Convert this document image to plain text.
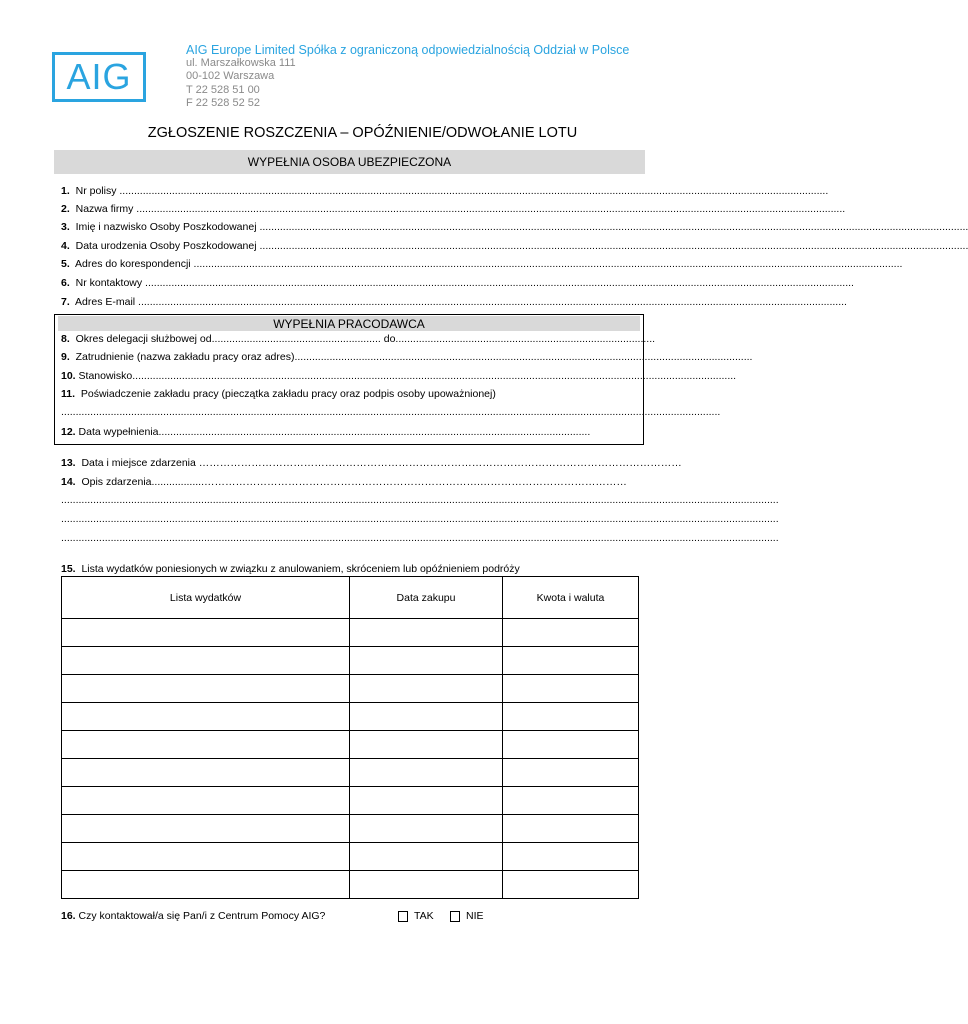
AIG
AIG Europe Limited Spółka z ograniczoną odpowiedzialnością Oddział w Polsce
ul. Marszałkowska 111
00-102 Warszawa
T 22 528 51 00
F 22 528 52 52
ZGŁOSZENIE ROSZCZENIA – OPÓŹNIENIE/ODWOŁANIE LOTU
WYPEŁNIA OSOBA UBEZPIECZONA
1. Nr polisy ...................................................................................................................................................................................................................................................
2. Nazwa firmy ...................................................................................................................................................................................................................................................
3. Imię i nazwisko Osoby Poszkodowanej ...................................................................................................................................................................................................................................................
4. Data urodzenia Osoby Poszkodowanej ...................................................................................................................................................................................................................................................
5. Adres do korespondencji ...................................................................................................................................................................................................................................................
6. Nr kontaktowy ...................................................................................................................................................................................................................................................
7. Adres E-mail ...................................................................................................................................................................................................................................................
WYPEŁNIA PRACODAWCA
8. Okres delegacji służbowej od.......................................................... do.........................................................................................
9. Zatrudnienie (nazwa zakładu pracy oraz adres).............................................................................................................................................................
10. Stanowisko...............................................................................................................................................................................................................
11. Poświadczenie zakładu pracy (pieczątka zakładu pracy oraz podpis osoby upoważnionej)
..................................................................................................................................................................................................................................
12. Data wypełnienia....................................................................................................................................................
13. Data i miejsce zdarzenia …………………………………………………………………………………………………………………………
14. Opis zdarzenia..................…………………………………………………………………….……………………………………
......................................................................................................................................................................................................................................................
......................................................................................................................................................................................................................................................
......................................................................................................................................................................................................................................................
15. Lista wydatków poniesionych w związku z anulowaniem, skróceniem lub opóźnieniem podróży
Lista wydatków	Data zakupu	Kwota i waluta

16. Czy kontaktował/a się Pan/i z Centrum Pomocy AIG?	TAK	NIE
